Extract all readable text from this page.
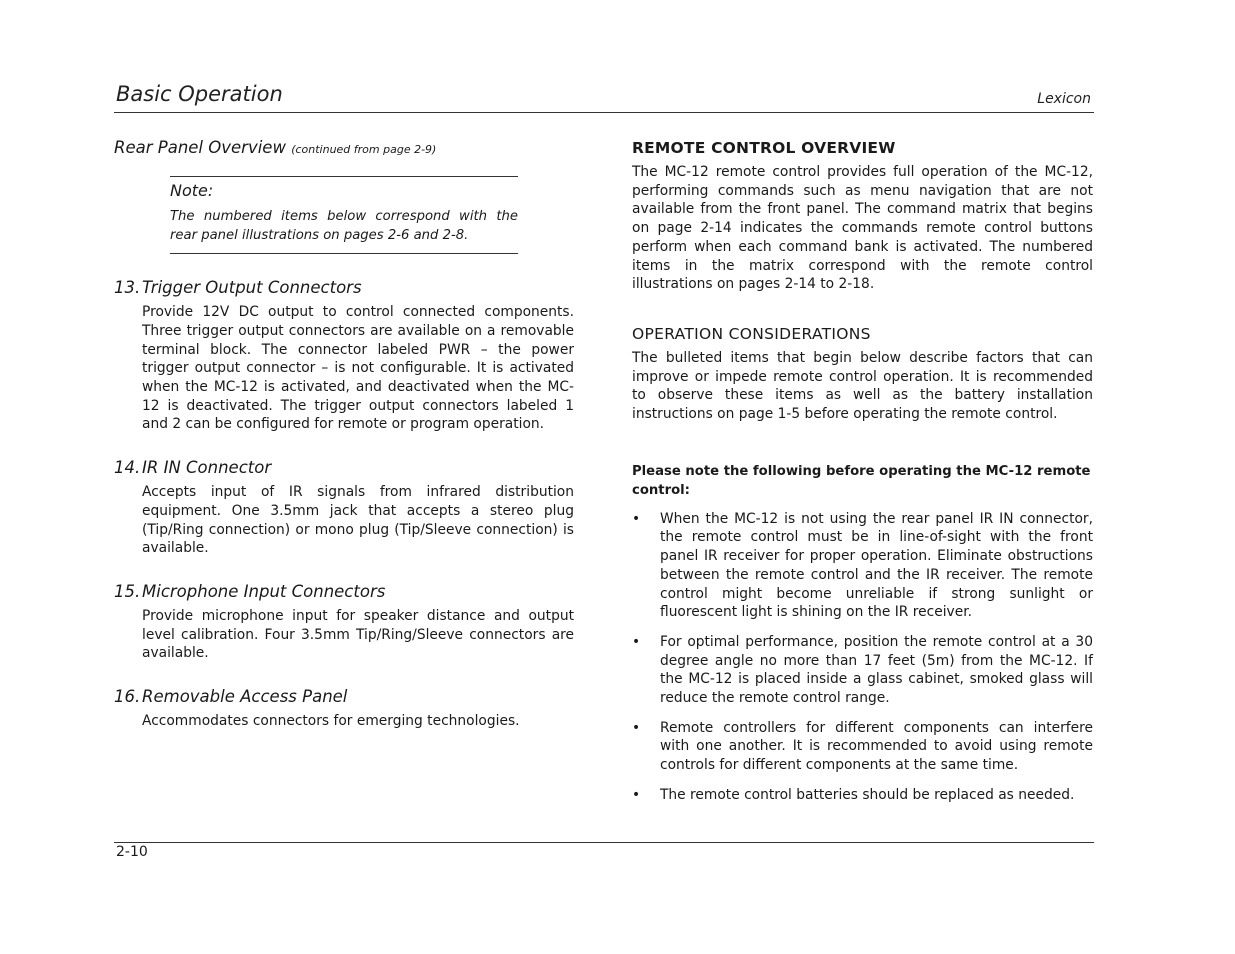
Basic Operation	Lexicon

Rear Panel Overview (continued from page 2-9)

Note:

The numbered items below correspond with the rear panel illustrations on pages 2-6 and 2-8.

13. Trigger Output Connectors

Provide 12V DC output to control connected components. Three trigger output connectors are available on a removable terminal block. The connector labeled PWR – the power trigger output connector – is not configurable. It is activated when the MC-12 is activated, and deactivated when the MC-12 is deactivated. The trigger output connectors labeled 1 and 2 can be configured for remote or program operation.

14. IR IN Connector

Accepts input of IR signals from infrared distribution equipment. One 3.5mm jack that accepts a stereo plug (Tip/Ring connection) or mono plug (Tip/Sleeve connection) is available.

15. Microphone Input Connectors

Provide microphone input for speaker distance and output level calibration. Four 3.5mm Tip/Ring/Sleeve connectors are available.

16. Removable Access Panel

Accommodates connectors for emerging technologies.

REMOTE CONTROL OVERVIEW

The MC-12 remote control provides full operation of the MC-12, performing commands such as menu navigation that are not available from the front panel. The command matrix that begins on page 2-14 indicates the commands remote control buttons perform when each command bank is activated. The numbered items in the matrix correspond with the remote control illustrations on pages 2-14 to 2-18.

OPERATION CONSIDERATIONS

The bulleted items that begin below describe factors that can improve or impede remote control operation. It is recommended to observe these items as well as the battery installation instructions on page 1-5 before operating the remote control.

Please note the following before operating the MC-12 remote control:

•	When the MC-12 is not using the rear panel IR IN connector, the remote control must be in line-of-sight with the front panel IR receiver for proper operation. Eliminate obstructions between the remote control and the IR receiver. The remote control might become unreliable if strong sunlight or fluorescent light is shining on the IR receiver.
•	For optimal performance, position the remote control at a 30 degree angle no more than 17 feet (5m) from the MC-12. If the MC-12 is placed inside a glass cabinet, smoked glass will reduce the remote control range.
•	Remote controllers for different components can interfere with one another. It is recommended to avoid using remote controls for different components at the same time.
•	The remote control batteries should be replaced as needed.
2-10
